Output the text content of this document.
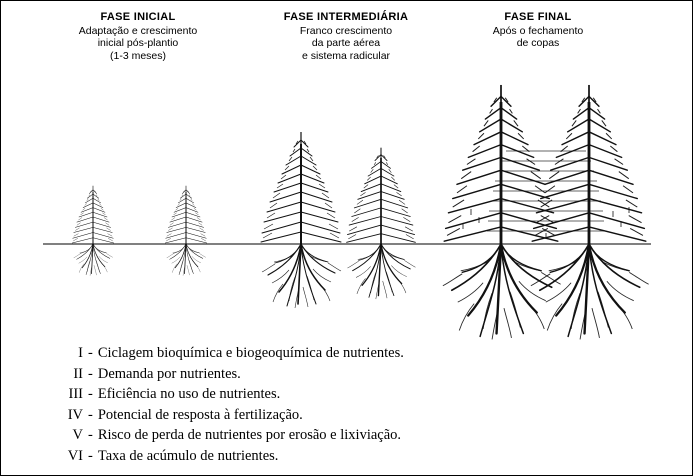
FASE INICIAL
Adaptação e crescimento
inicial pós-plantio
(1-3 meses)
FASE INTERMEDIÁRIA
Franco crescimento
da parte aérea
e sistema radicular
FASE FINAL
Após o fechamento
de copas
I - Ciclagem bioquímica e biogeoquímica de nutrientes.
II - Demanda por nutrientes.
III - Eficiência no uso de nutrientes.
IV - Potencial de resposta à fertilização.
V - Risco de perda de nutrientes por erosão e lixiviação.
VI - Taxa de acúmulo de nutrientes.
